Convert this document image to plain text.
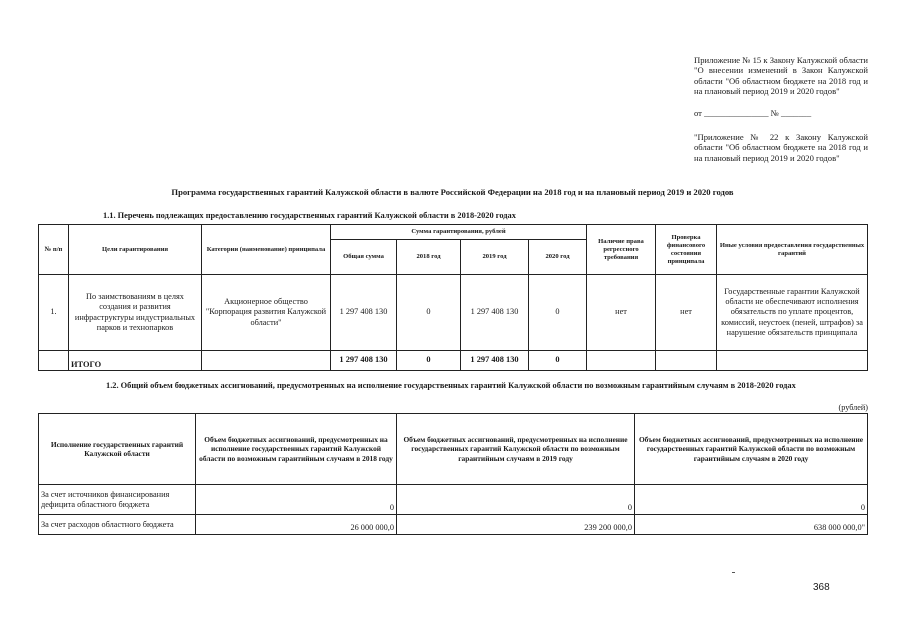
Приложение № 15 к Закону Калужской области "О внесении изменений в Закон Калужской области "Об областном бюджете на 2018 год и на плановый период 2019 и 2020 годов"

от _______________ № _______

"Приложение № 22 к Закону Калужской области "Об областном бюджете на 2018 год и на плановый период 2019 и 2020 годов"

Программа государственных гарантий Калужской области в валюте Российской Федерации на 2018 год и на плановый период 2019 и 2020 годов
1.1. Перечень подлежащих предоставлению государственных гарантий Калужской области в 2018-2020 годах
№ п/п	Цели гарантирования	Категории (наименование) принципала	Сумма гарантирования, рублей				Наличие права регрессного требования	Проверка финансового состояния принципала	Иные условия предоставления государственных гарантий
			Общая сумма	2018 год	2019 год	2020 год			
1.	По заимствованиям в целях создания и развития инфраструктуры индустриальных парков и технопарков	Акционерное общество "Корпорация развития Калужской области"	1 297 408 130	0	1 297 408 130	0	нет	нет	Государственные гарантии Калужской области не обеспечивают исполнения обязательств по уплате процентов, комиссий, неустоек (пеней, штрафов) за нарушение обязательств принципала
	ИТОГО		1 297 408 130	0	1 297 408 130	0			
1.2. Общий объем бюджетных ассигнований, предусмотренных на исполнение государственных гарантий Калужской области по возможным гарантийным случаям в 2018-2020 годах
(рублей)
Исполнение государственных гарантий Калужской области	Объем бюджетных ассигнований, предусмотренных на исполнение государственных гарантий Калужской области по возможным гарантийным случаям в 2018 году	Объем бюджетных ассигнований, предусмотренных на исполнение государственных гарантий Калужской области по возможным гарантийным случаям в 2019 году	Объем бюджетных ассигнований, предусмотренных на исполнение государственных гарантий Калужской области по возможным гарантийным случаям в 2020 году
За счет источников финансирования дефицита областного бюджета	0	0	0
За счет расходов областного бюджета	26 000 000,0	239 200 000,0	638 000 000,0"
368
